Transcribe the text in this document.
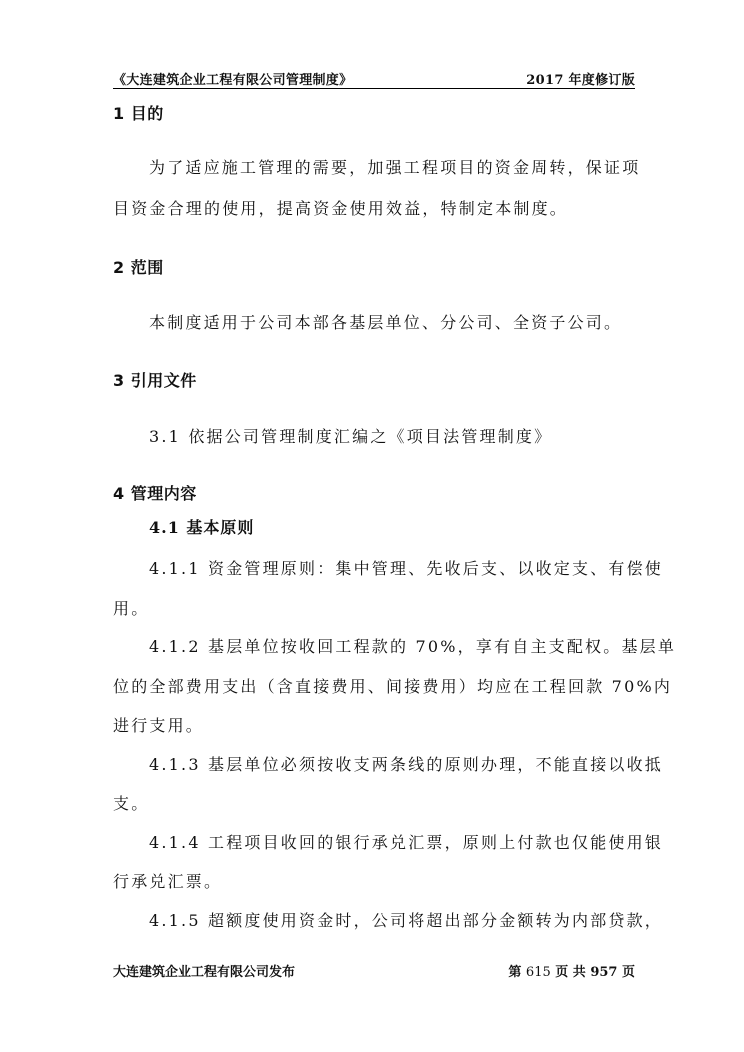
《大连建筑企业工程有限公司管理制度》	2017 年度修订版
1 目的
为了适应施工管理的需要，加强工程项目的资金周转，保证项
目资金合理的使用，提高资金使用效益，特制定本制度。
2 范围
本制度适用于公司本部各基层单位、分公司、全资子公司。
3 引用文件
3.1 依据公司管理制度汇编之《项目法管理制度》
4 管理内容
4.1 基本原则
4.1.1 资金管理原则：集中管理、先收后支、以收定支、有偿使
用。
4.1.2 基层单位按收回工程款的 70%，享有自主支配权。基层单
位的全部费用支出（含直接费用、间接费用）均应在工程回款 70%内
进行支用。
4.1.3 基层单位必须按收支两条线的原则办理，不能直接以收抵
支。
4.1.4 工程项目收回的银行承兑汇票，原则上付款也仅能使用银
行承兑汇票。
4.1.5 超额度使用资金时，公司将超出部分金额转为内部贷款，
大连建筑企业工程有限公司发布	第 615 页 共 957 页
